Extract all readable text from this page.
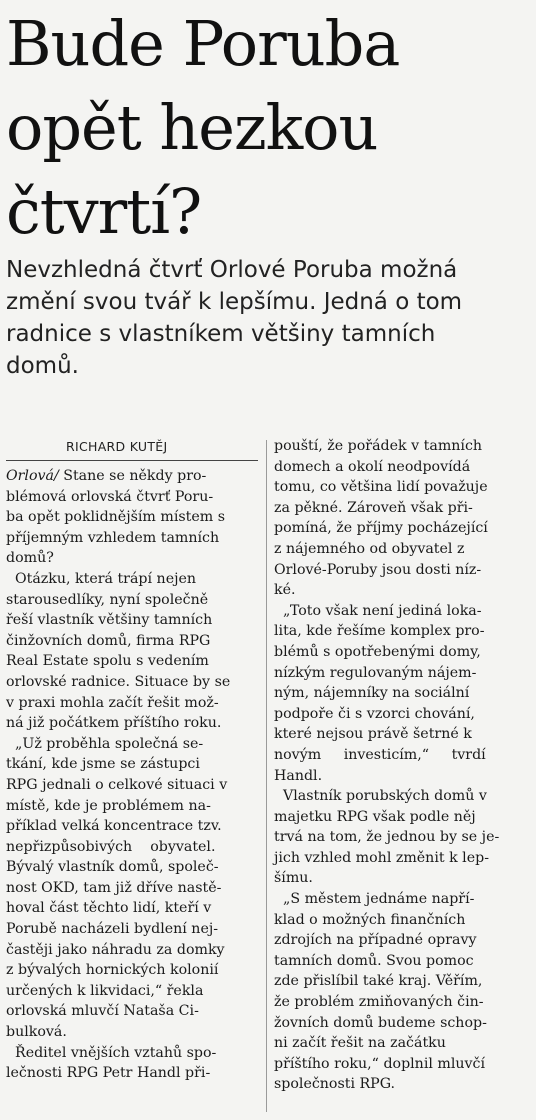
Bude Poruba
opět hezkou
čtvrtí?

Nevzhledná čtvrť Orlové Poruba možná
změní svou tvář k lepšímu. Jedná o tom
radnice s vlastníkem většiny tamních
domů.

RICHARD KUTĚJ

Orlová/ Stane se někdy pro-
blémová orlovská čtvrť Poru-
ba opět poklidnějším místem s
příjemným vzhledem tamních
domů?

Otázku, která trápí nejen
starousedlíky, nyní společně
řeší vlastník většiny tamních
činžovních domů, firma RPG
Real Estate spolu s vedením
orlovské radnice. Situace by se
v praxi mohla začít řešit mož-
ná již počátkem příštího roku.

„Už proběhla společná se-
tkání, kde jsme se zástupci
RPG jednali o celkové situaci v
místě, kde je problémem na-
příklad velká koncentrace tzv.
nepřizpůsobivých    obyvatel.
Bývalý vlastník domů, společ-
nost OKD, tam již dříve nastě-
hoval část těchto lidí, kteří v
Porubě nacházeli bydlení nej-
častěji jako náhradu za domky
z bývalých hornických kolonií
určených k likvidaci,“ řekla
orlovská mluvčí Nataša Ci-
bulková.

Ředitel vnějších vztahů spo-
lečnosti RPG Petr Handl při-

pouští, že pořádek v tamních
domech a okolí neodpovídá
tomu, co většina lidí považuje
za pěkné. Zároveň však při-
pomíná, že příjmy pocházející
z nájemného od obyvatel z
Orlové-Poruby jsou dosti níz-
ké.

„Toto však není jediná loka-
lita, kde řešíme komplex pro-
blémů s opotřebenými domy,
nízkým regulovaným nájem-
ným, nájemníky na sociální
podpoře či s vzorci chování,
které nejsou právě šetrné k
novým     investicím,“     tvrdí
Handl.

Vlastník porubských domů v
majetku RPG však podle něj
trvá na tom, že jednou by se je-
jich vzhled mohl změnit k lep-
šímu.

„S městem jednáme napří-
klad o možných finančních
zdrojích na případné opravy
tamních domů. Svou pomoc
zde přislíbil také kraj. Věřím,
že problém zmiňovaných čin-
žovních domů budeme schop-
ni začít řešit na začátku
příštího roku,“ doplnil mluvčí
společnosti RPG.
